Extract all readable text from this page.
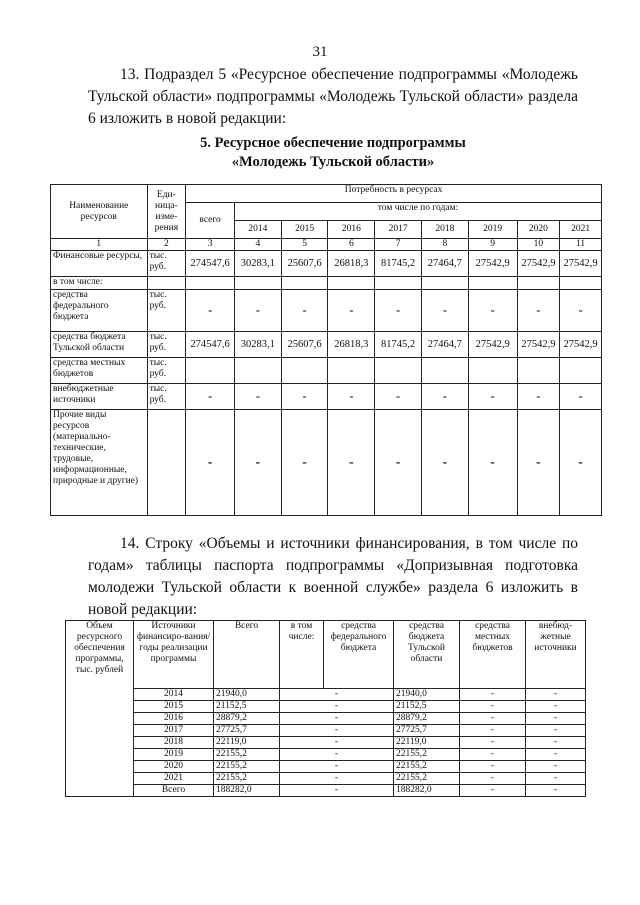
31

13. Подраздел 5 «Ресурсное обеспечение подпрограммы «Молодежь Тульской области» подпрограммы «Молодежь Тульской области» раздела 6 изложить в новой редакции:

5. Ресурсное обеспечение подпрограммы
«Молодежь Тульской области»
Наименование ресурсов	Еди-ница-изме-рения	Потребность в ресурсах								
		всего	том числе по годам:							
			2014	2015	2016	2017	2018	2019	2020	2021
1	2	3	4	5	6	7	8	9	10	11
Финансовые ресурсы,	тыс. руб.	274547,6	30283,1	25607,6	26818,3	81745,2	27464,7	27542,9	27542,9	27542,9
в том числе:										
средства федерального бюджета	тыс. руб.	-	-	-	-	-	-	-	-	-
средства бюджета Тульской области	тыс. руб.	274547,6	30283,1	25607,6	26818,3	81745,2	27464,7	27542,9	27542,9	27542,9
средства местных бюджетов	тыс. руб.									
внебюджетные источники	тыс. руб.	-	-	-	-	-	-	-	-	-
Прочие виды ресурсов (материально-технические, трудовые, информационные, природные и другие)		-	-	-	-	-	-	-	-	-

14. Строку «Объемы и источники финансирования, в том числе по годам» таблицы паспорта подпрограммы «Допризывная подготовка молодежи Тульской области к военной службе» раздела 6 изложить в новой редакции:

Объем ресурсного обеспечения программы, тыс. рублей	Источники финансиро-вания/годы реализации программы	Всего	в том числе:	средства федерального бюджета	средства бюджета Тульской области	средства местных бюджетов	внебюд-жетные источники
	2014	21940,0	-		21940,0	-	-
	2015	21152,5	-		21152,5	-	-
	2016	28879,2	-		28879,2	-	-
	2017	27725,7	-		27725,7	-	-
	2018	22119,0	-		22119,0	-	-
	2019	22155,2	-		22155,2	-	-
	2020	22155,2	-		22155,2	-	-
	2021	22155,2	-		22155,2	-	-
	Всего	188282,0	-		188282,0	-	-
